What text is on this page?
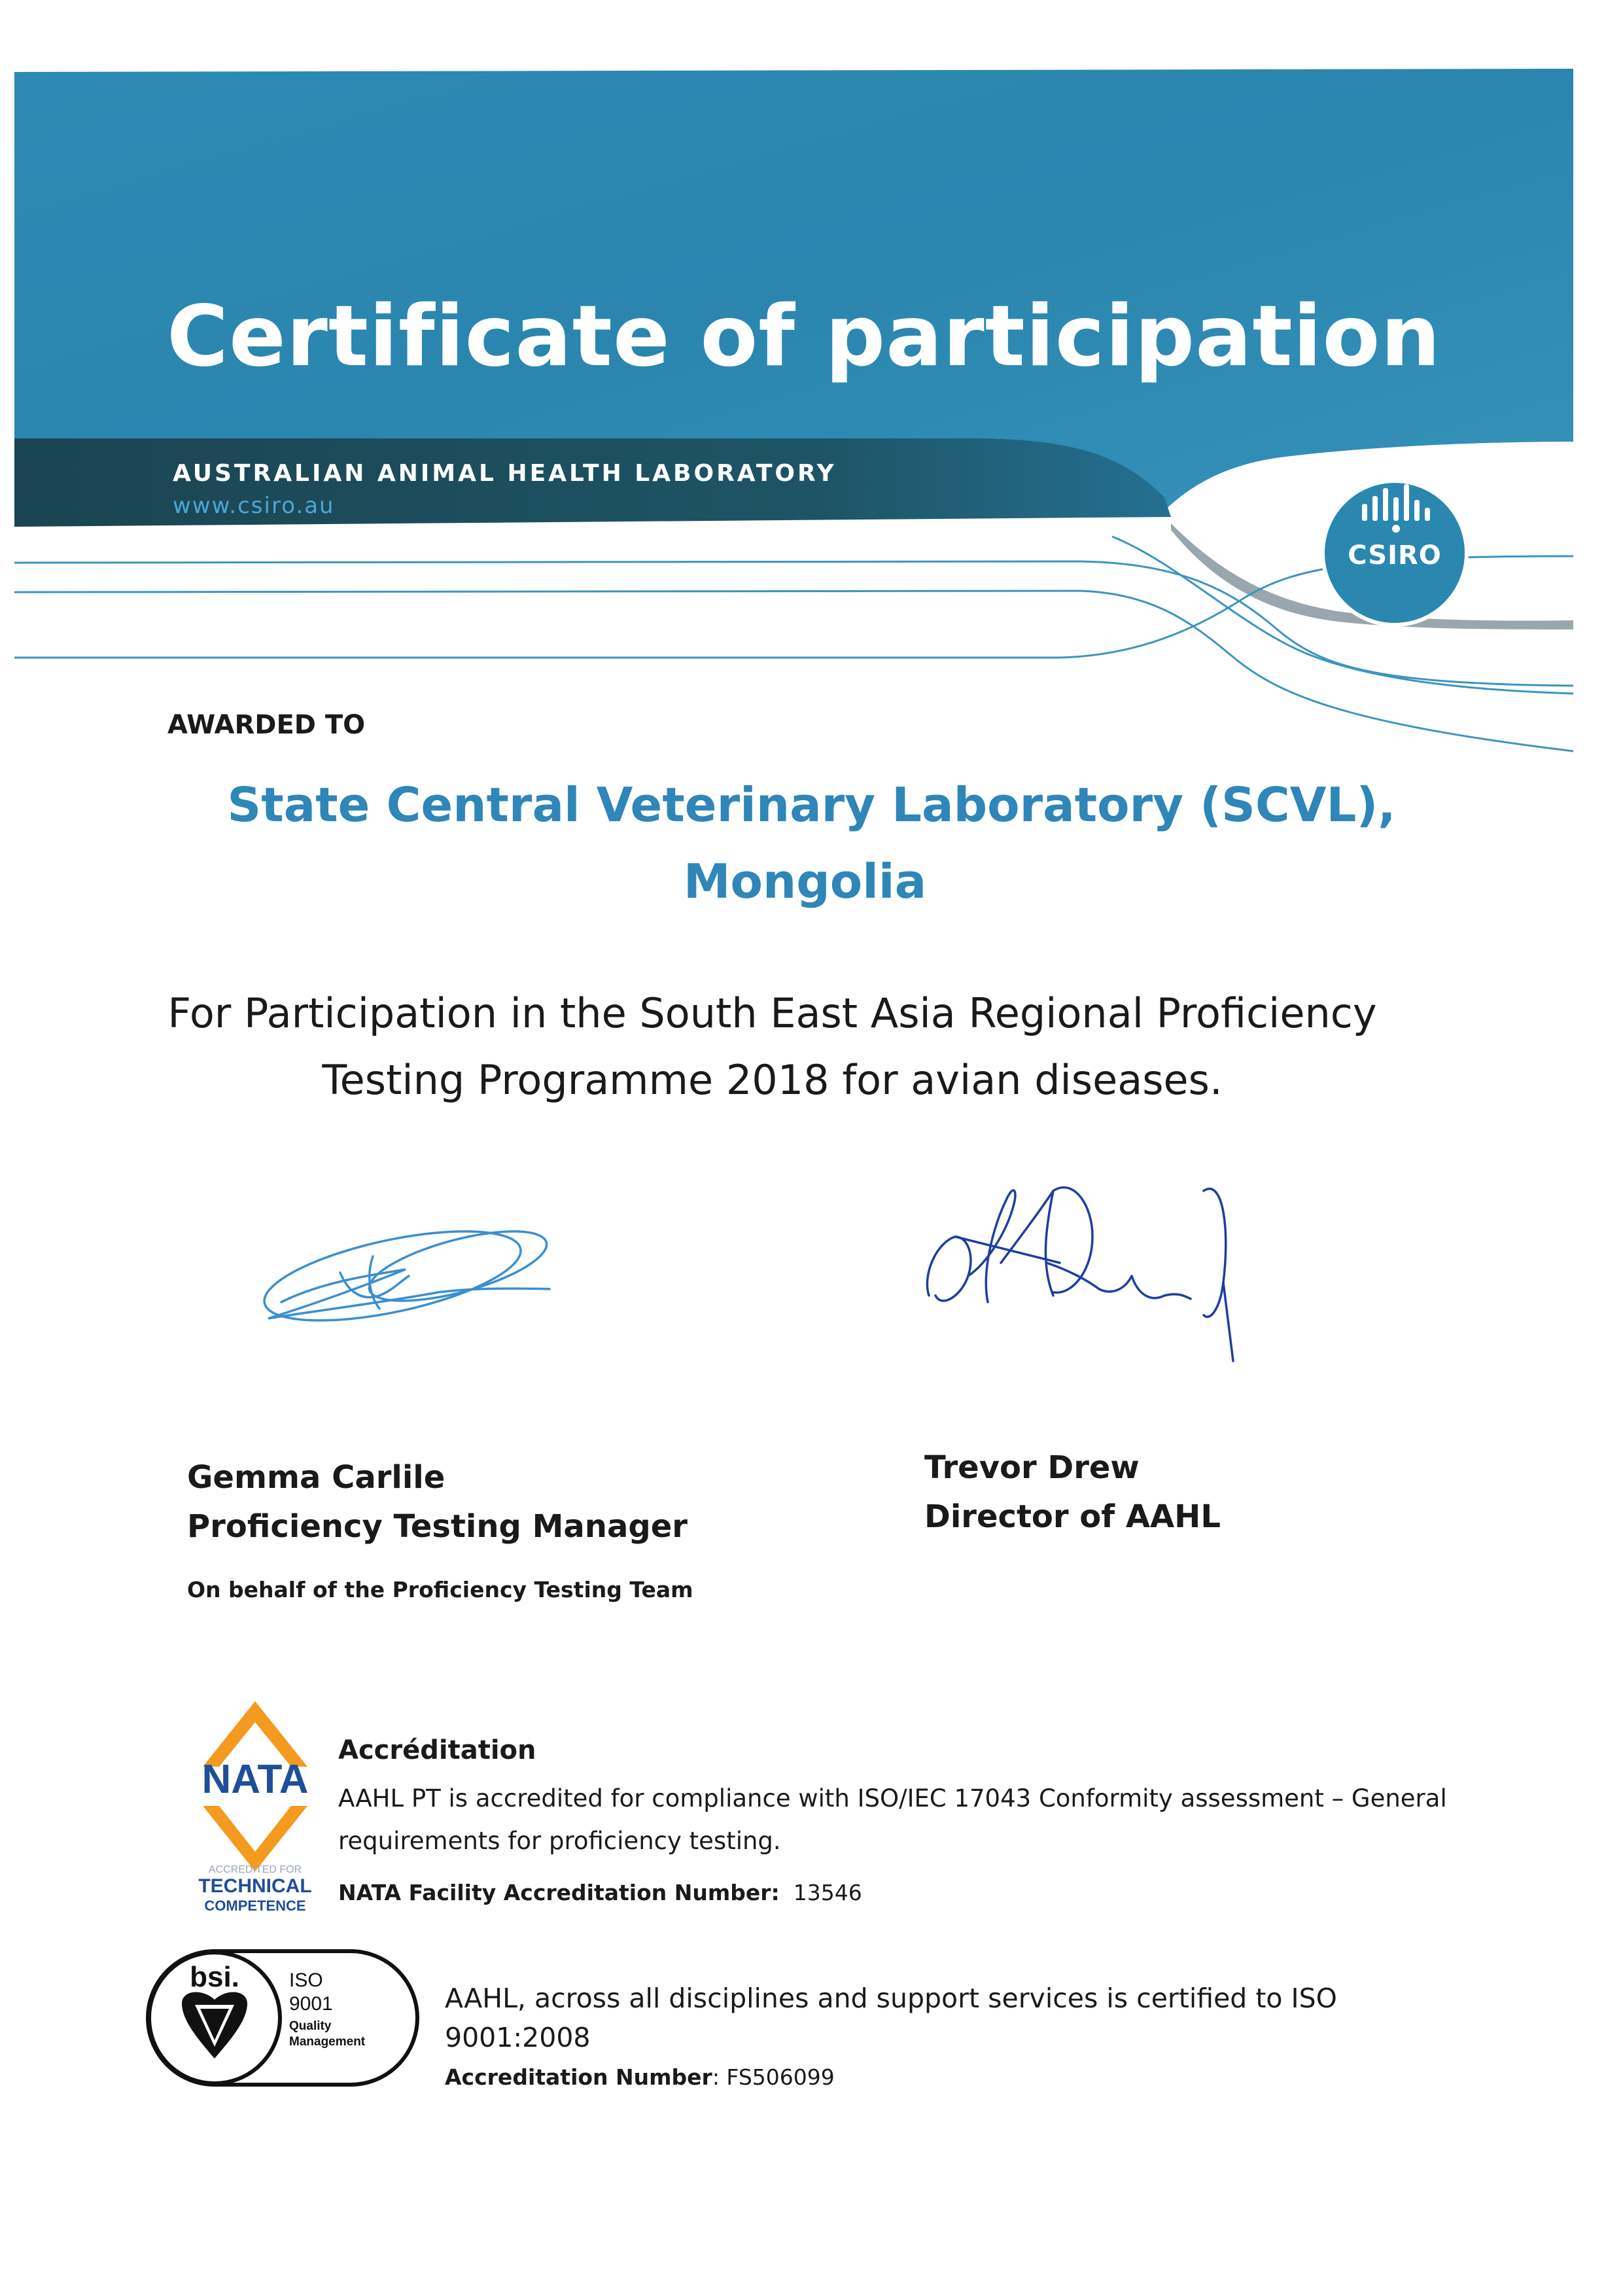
Certificate of participation
AUSTRALIAN ANIMAL HEALTH LABORATORY
www.csiro.au
CSIRO
AWARDED TO
State Central Veterinary Laboratory (SCVL),
Mongolia
For Participation in the South East Asia Regional Proficiency
Testing Programme 2018 for avian diseases.
Gemma Carlile
Proficiency Testing Manager
On behalf of the Proficiency Testing Team
Trevor Drew
Director of AAHL
NATA
ACCREDITED FOR
TECHNICAL
COMPETENCE
Accréditation
AAHL PT is accredited for compliance with ISO/IEC 17043 Conformity assessment – General
requirements for proficiency testing.
NATA Facility Accreditation Number: 13546
bsi.	ISO
9001
Quality
Management
AAHL, across all disciplines and support services is certified to ISO
9001:2008
Accreditation Number: FS506099
